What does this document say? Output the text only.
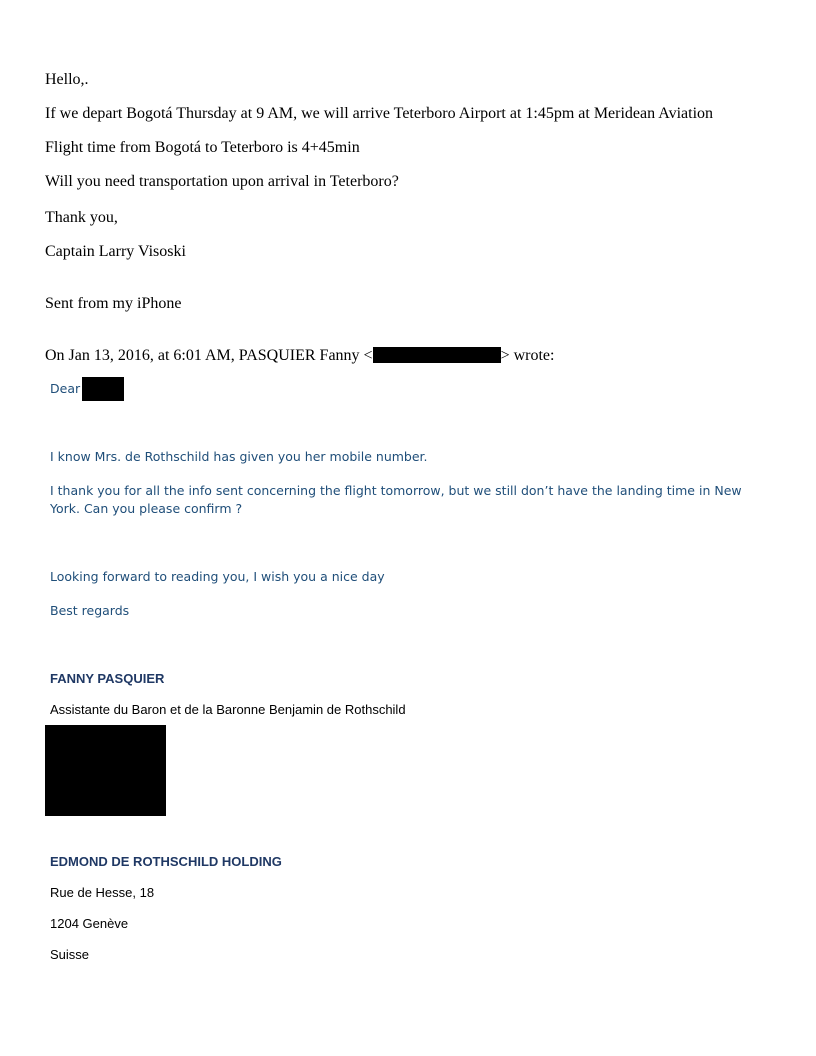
Hello,.
If we depart Bogotá Thursday at 9 AM, we will arrive Teterboro Airport at 1:45pm at Meridean Aviation
Flight time from Bogotá to Teterboro is 4+45min
Will you need transportation upon arrival in Teterboro?
Thank you,
Captain Larry Visoski
Sent from my iPhone
On Jan 13, 2016, at 6:01 AM, PASQUIER Fanny <	> wrote:
Dear
I know Mrs. de Rothschild has given you her mobile number.
I thank you for all the info sent concerning the flight tomorrow, but we still don’t have the landing time in New York. Can you please confirm ?
Looking forward to reading you, I wish you a nice day
Best regards
FANNY PASQUIER
Assistante du Baron et de la Baronne Benjamin de Rothschild
EDMOND DE ROTHSCHILD HOLDING
Rue de Hesse, 18
1204 Genève
Suisse
